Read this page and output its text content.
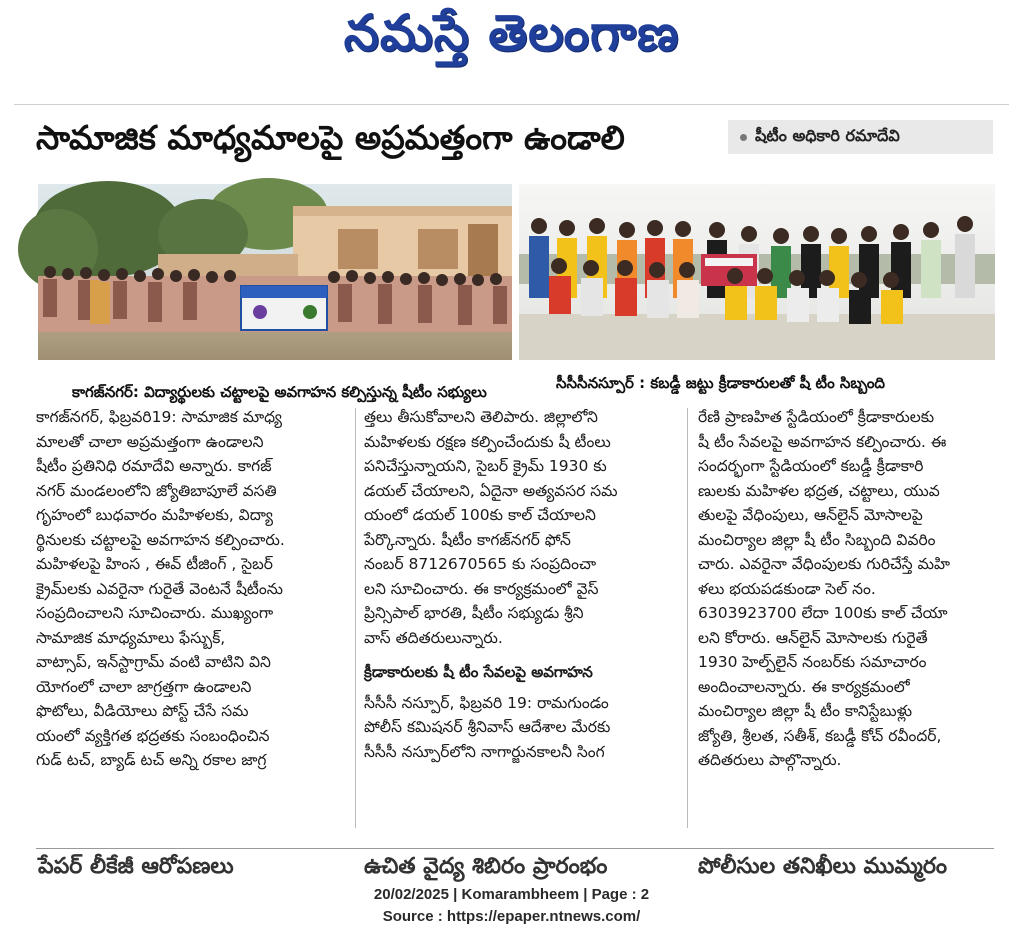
నమస్తే తెలంగాణ
సామాజిక మాధ్యమాలపై అప్రమత్తంగా ఉండాలి	షీటీం అధికారి రమాదేవి
కాగజ్‌నగర్‌: విద్యార్థులకు చట్టాలపై అవగాహన కల్పిస్తున్న షీటీం సభ్యులు	సీసీసీనస్పూర్‌ : కబడ్డీ జట్టు క్రీడాకారులతో షీ టీం సిబ్బంది

కాగజ్‌నగర్‌, ఫిబ్రవరి19: సామాజిక మాధ్య

మాలతో చాలా అప్రమత్తంగా ఉండాలని

షీటీం ప్రతినిధి రమాదేవి అన్నారు. కాగజ్‌

నగర్‌ మండలంలోని జ్యోతిబాపూలే వసతి

గృహంలో బుధవారం మహిళలకు, విద్యా

ర్థినులకు చట్టాలపై అవగాహన కల్పించారు.

మహిళలపై హింస , ఈవ్‌ టీజింగ్‌ , సైబర్‌

క్రైమ్‌లకు ఎవరైనా గురైతే వెంటనే షీటీంను

సంప్రదించాలని సూచించారు. ముఖ్యంగా

సామాజిక మాధ్యమాలు ఫేస్బుక్‌,

వాట్సాప్‌, ఇన్‌స్టాగ్రామ్‌ వంటి వాటిని విని

యోగంలో చాలా జాగ్రత్తగా ఉండాలని

ఫొటోలు, వీడియోలు పోస్ట్‌ చేసే సమ

యంలో వ్యక్తిగత భద్రతకు సంబంధించిన

గుడ్‌ టచ్‌, బ్యాడ్‌ టచ్‌ అన్ని రకాల జాగ్ర

త్తలు తీసుకోవాలని తెలిపారు. జిల్లాలోని

మహిళలకు రక్షణ కల్పించేందుకు షీ టీంలు

పనిచేస్తున్నాయని, సైబర్‌ క్రైమ్‌ 1930 కు

డయల్‌ చేయాలని, ఏదైనా అత్యవసర సమ

యంలో డయల్‌ 100కు కాల్‌ చేయాలని

పేర్కొన్నారు. షీటీం కాగజ్‌నగర్‌ ఫోన్‌

నంబర్‌ 8712670565 కు సంప్రదించా

లని సూచించారు. ఈ కార్యక్రమంలో వైస్‌

ప్రిన్సిపాల్‌ భారతి, షీటీం సభ్యుడు శ్రీని

వాస్‌ తదితరులున్నారు.

క్రీడాకారులకు షీ టీం సేవలపై అవగాహన

సీసీసీ నస్పూర్‌, ఫిబ్రవరి 19: రామగుండం

పోలీస్‌ కమిషనర్‌ శ్రీనివాస్‌ ఆదేశాల మేరకు

సీసీసీ నస్పూర్‌లోని నాగార్జునకాలనీ సింగ

రేణి ప్రాణహిత స్టేడియంలో క్రీడాకారులకు

షీ టీం సేవలపై అవగాహన కల్పించారు. ఈ

సందర్భంగా స్టేడియంలో కబడ్డీ క్రీడాకారి

ణులకు మహిళల భద్రత, చట్టాలు, యువ

తులపై వేధింపులు, ఆన్‌లైన్‌ మోసాలపై

మంచిర్యాల జిల్లా షీ టీం సిబ్బంది వివరిం

చారు. ఎవరైనా వేధింపులకు గురిచేస్తే మహి

ళలు భయపడకుండా సెల్‌ నం.

6303923700 లేదా 100కు కాల్‌ చేయా

లని కోరారు. ఆన్‌లైన్‌ మోసాలకు గురైతే

1930 హెల్ప్‌లైన్‌ నంబర్‌కు సమాచారం

అందించాలన్నారు. ఈ కార్యక్రమంలో

మంచిర్యాల జిల్లా షీ టీం కానిస్టేబుళ్లు

జ్యోతి, శ్రీలత, సతీశ్‌, కబడ్డీ కోచ్‌ రవీందర్‌,

తదితరులు పాల్గొన్నారు.

పేపర్‌ లీకేజీ ఆరోపణలు	ఉచిత వైద్య శిబిరం ప్రారంభం	పోలీసుల తనిఖీలు ముమ్మరం
20/02/2025 | Komarambheem | Page : 2
Source : https://epaper.ntnews.com/
